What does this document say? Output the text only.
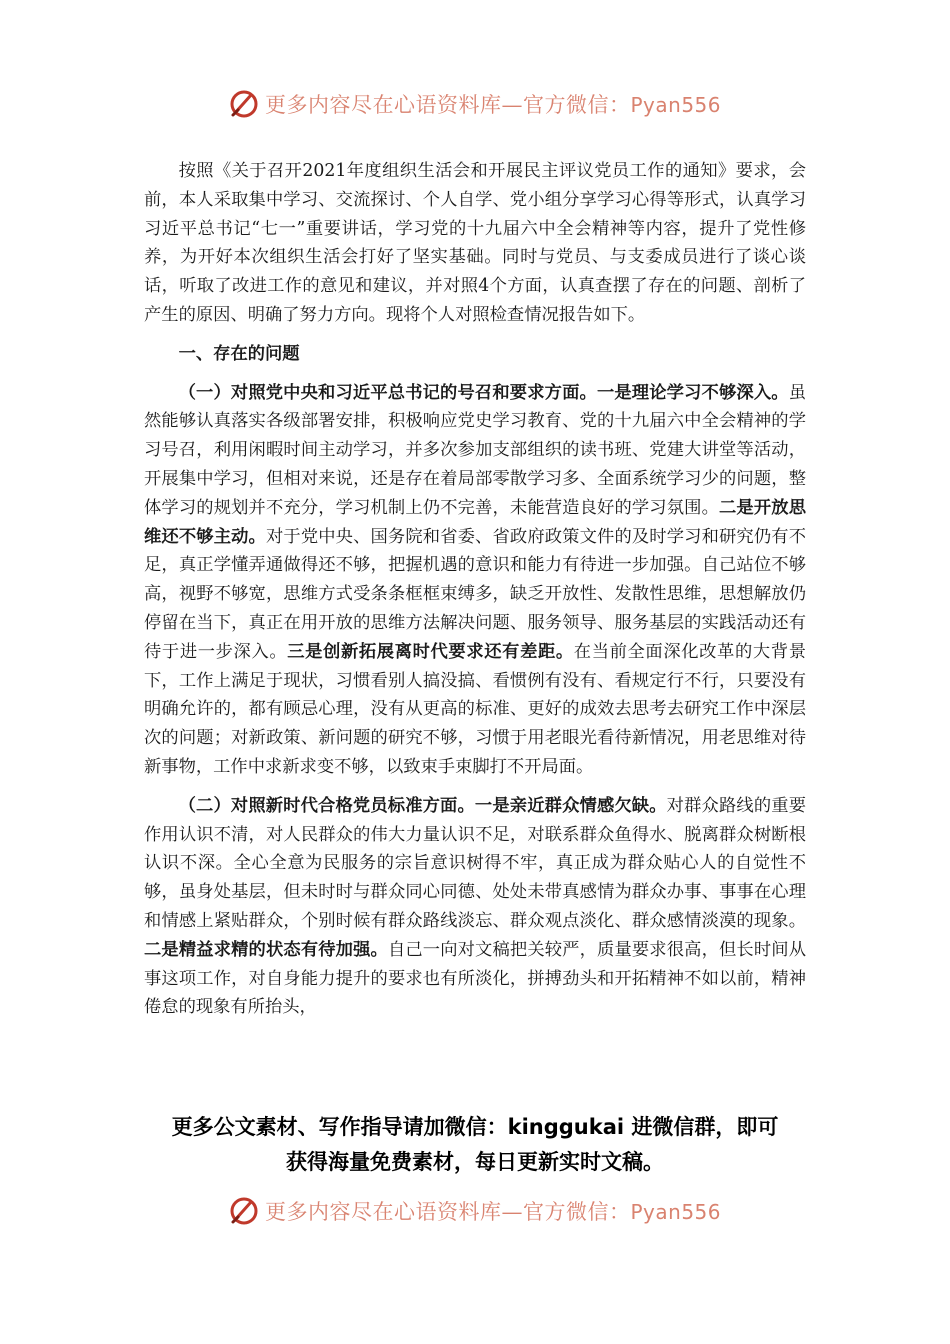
更多内容尽在心语资料库—官方微信：Pyan556

按照《关于召开2021年度组织生活会和开展民主评议党员工作的通知》要求，会前，本人采取集中学习、交流探讨、个人自学、党小组分享学习心得等形式，认真学习习近平总书记“七一”重要讲话，学习党的十九届六中全会精神等内容，提升了党性修养，为开好本次组织生活会打好了坚实基础。同时与党员、与支委成员进行了谈心谈话，听取了改进工作的意见和建议，并对照4个方面，认真查摆了存在的问题、剖析了产生的原因、明确了努力方向。现将个人对照检查情况报告如下。

一、存在的问题

（一）对照党中央和习近平总书记的号召和要求方面。一是理论学习不够深入。虽然能够认真落实各级部署安排，积极响应党史学习教育、党的十九届六中全会精神的学习号召，利用闲暇时间主动学习，并多次参加支部组织的读书班、党建大讲堂等活动，开展集中学习，但相对来说，还是存在着局部零散学习多、全面系统学习少的问题，整体学习的规划并不充分，学习机制上仍不完善，未能营造良好的学习氛围。二是开放思维还不够主动。对于党中央、国务院和省委、省政府政策文件的及时学习和研究仍有不足，真正学懂弄通做得还不够，把握机遇的意识和能力有待进一步加强。自己站位不够高，视野不够宽，思维方式受条条框框束缚多，缺乏开放性、发散性思维，思想解放仍停留在当下，真正在用开放的思维方法解决问题、服务领导、服务基层的实践活动还有待于进一步深入。三是创新拓展离时代要求还有差距。在当前全面深化改革的大背景下，工作上满足于现状，习惯看别人搞没搞、看惯例有没有、看规定行不行，只要没有明确允许的，都有顾忌心理，没有从更高的标准、更好的成效去思考去研究工作中深层次的问题；对新政策、新问题的研究不够，习惯于用老眼光看待新情况，用老思维对待新事物，工作中求新求变不够，以致束手束脚打不开局面。

（二）对照新时代合格党员标准方面。一是亲近群众情感欠缺。对群众路线的重要作用认识不清，对人民群众的伟大力量认识不足，对联系群众鱼得水、脱离群众树断根认识不深。全心全意为民服务的宗旨意识树得不牢，真正成为群众贴心人的自觉性不够，虽身处基层，但未时时与群众同心同德、处处未带真感情为群众办事、事事在心理和情感上紧贴群众，个别时候有群众路线淡忘、群众观点淡化、群众感情淡漠的现象。二是精益求精的状态有待加强。自己一向对文稿把关较严，质量要求很高，但长时间从事这项工作，对自身能力提升的要求也有所淡化，拼搏劲头和开拓精神不如以前，精神倦怠的现象有所抬头，

更多公文素材、写作指导请加微信：kinggukai 进微信群，即可
获得海量免费素材，每日更新实时文稿。
更多内容尽在心语资料库—官方微信：Pyan556
